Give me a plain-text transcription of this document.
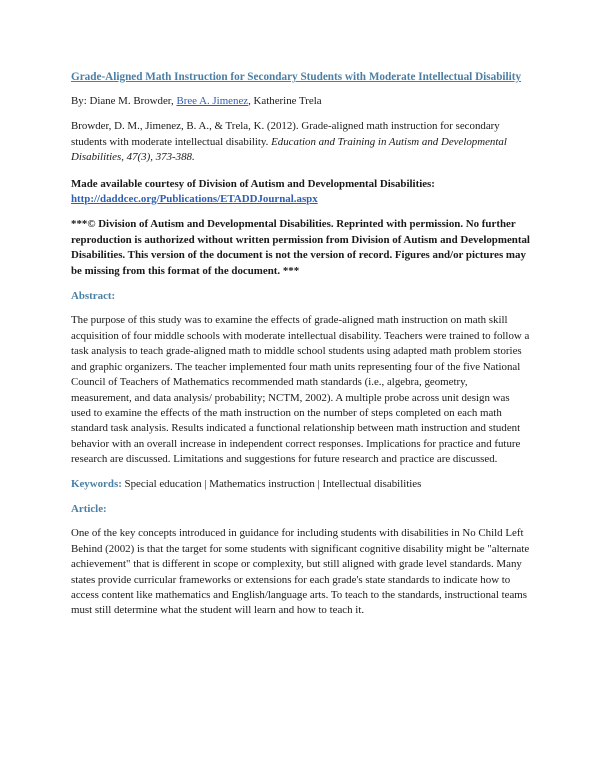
Grade-Aligned Math Instruction for Secondary Students with Moderate Intellectual Disability

By: Diane M. Browder, Bree A. Jimenez, Katherine Trela

Browder, D. M., Jimenez, B. A., & Trela, K. (2012). Grade-aligned math instruction for secondary students with moderate intellectual disability. Education and Training in Autism and Developmental Disabilities, 47(3), 373-388.

Made available courtesy of Division of Autism and Developmental Disabilities:

http://daddcec.org/Publications/ETADDJournal.aspx

***© Division of Autism and Developmental Disabilities. Reprinted with permission. No further reproduction is authorized without written permission from Division of Autism and Developmental Disabilities. This version of the document is not the version of record. Figures and/or pictures may be missing from this format of the document. ***

Abstract:

The purpose of this study was to examine the effects of grade-aligned math instruction on math skill acquisition of four middle schools with moderate intellectual disability. Teachers were trained to follow a task analysis to teach grade-aligned math to middle school students using adapted math problem stories and graphic organizers. The teacher implemented four math units representing four of the five National Council of Teachers of Mathematics recommended math standards (i.e., algebra, geometry, measurement, and data analysis/ probability; NCTM, 2002). A multiple probe across unit design was used to examine the effects of the math instruction on the number of steps completed on each math standard task analysis. Results indicated a functional relationship between math instruction and student behavior with an overall increase in independent correct responses. Implications for practice and future research are discussed. Limitations and suggestions for future research and practice are discussed.

Keywords: Special education | Mathematics instruction | Intellectual disabilities

Article:

One of the key concepts introduced in guidance for including students with disabilities in No Child Left Behind (2002) is that the target for some students with significant cognitive disability might be "alternate achievement" that is different in scope or complexity, but still aligned with grade level standards. Many states provide curricular frameworks or extensions for each grade's state standards to indicate how to access content like mathematics and English/language arts. To teach to the standards, instructional teams must still determine what the student will learn and how to teach it.
